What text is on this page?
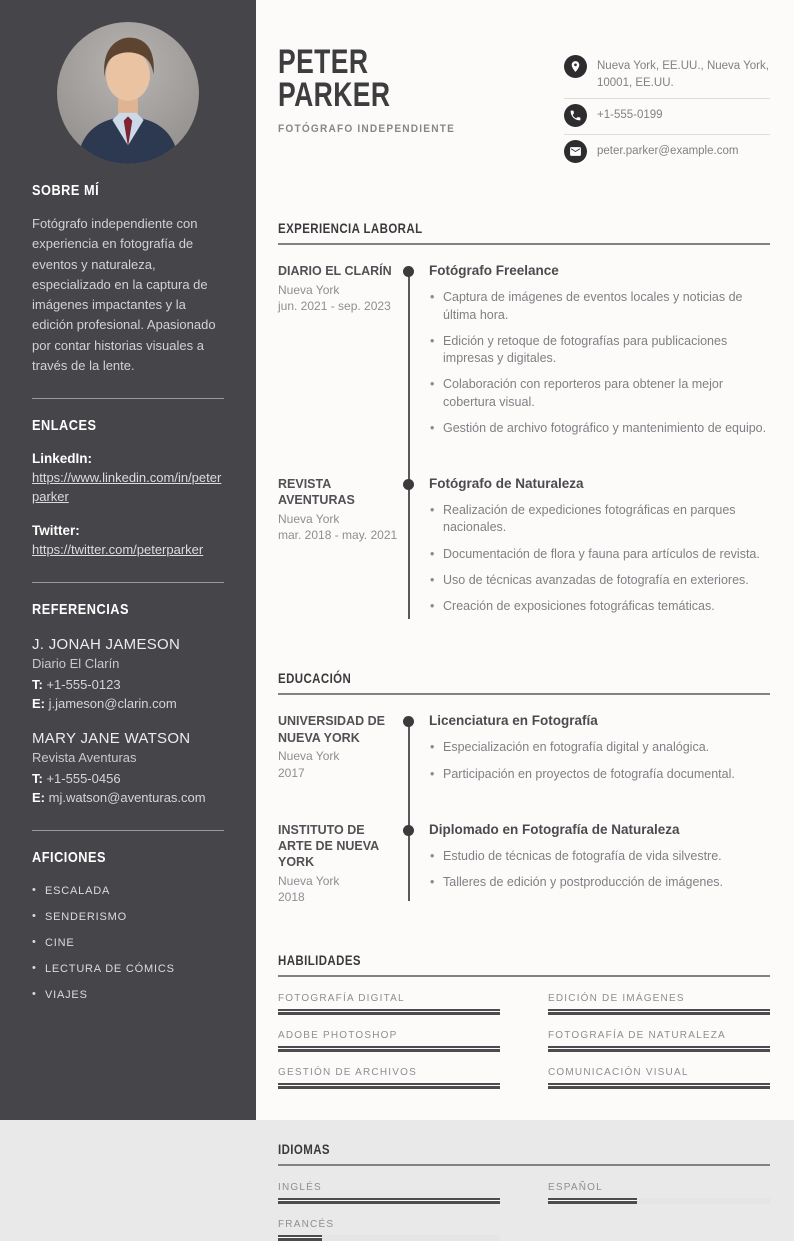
SOBRE MÍ

Fotógrafo independiente con experiencia en fotografía de eventos y naturaleza, especializado en la captura de imágenes impactantes y la edición profesional. Apasionado por contar historias visuales a través de la lente.

ENLACES
LinkedIn:
https://www.linkedin.com/in/peterparker
Twitter:
https://twitter.com/peterparker
REFERENCIAS
J. JONAH JAMESON
Diario El Clarín
T: +1-555-0123
E: j.jameson@clarin.com
MARY JANE WATSON
Revista Aventuras
T: +1-555-0456
E: mj.watson@aventuras.com
AFICIONES
• ESCALADA
• SENDERISMO
• CINE
• LECTURA DE CÓMICS
• VIAJES
PETER
PARKER
FOTÓGRAFO INDEPENDIENTE
Nueva York, EE.UU., Nueva York, 10001, EE.UU.
+1-555-0199
peter.parker@example.com
EXPERIENCIA LABORAL
DIARIO EL CLARÍN
Nueva York
jun. 2021 - sep. 2023
Fotógrafo Freelance
• Captura de imágenes de eventos locales y noticias de última hora.
• Edición y retoque de fotografías para publicaciones impresas y digitales.
• Colaboración con reporteros para obtener la mejor cobertura visual.
• Gestión de archivo fotográfico y mantenimiento de equipo.
REVISTA AVENTURAS
Nueva York
mar. 2018 - may. 2021
Fotógrafo de Naturaleza
• Realización de expediciones fotográficas en parques nacionales.
• Documentación de flora y fauna para artículos de revista.
• Uso de técnicas avanzadas de fotografía en exteriores.
• Creación de exposiciones fotográficas temáticas.
EDUCACIÓN
UNIVERSIDAD DE NUEVA YORK
Nueva York
2017
Licenciatura en Fotografía
• Especialización en fotografía digital y analógica.
• Participación en proyectos de fotografía documental.
INSTITUTO DE ARTE DE NUEVA YORK
Nueva York
2018
Diplomado en Fotografía de Naturaleza
• Estudio de técnicas de fotografía de vida silvestre.
• Talleres de edición y postproducción de imágenes.
HABILIDADES
FOTOGRAFÍA DIGITAL	EDICIÓN DE IMÁGENES
ADOBE PHOTOSHOP	FOTOGRAFÍA DE NATURALEZA
GESTIÓN DE ARCHIVOS	COMUNICACIÓN VISUAL
IDIOMAS
INGLÉS	ESPAÑOL
FRANCÉS
